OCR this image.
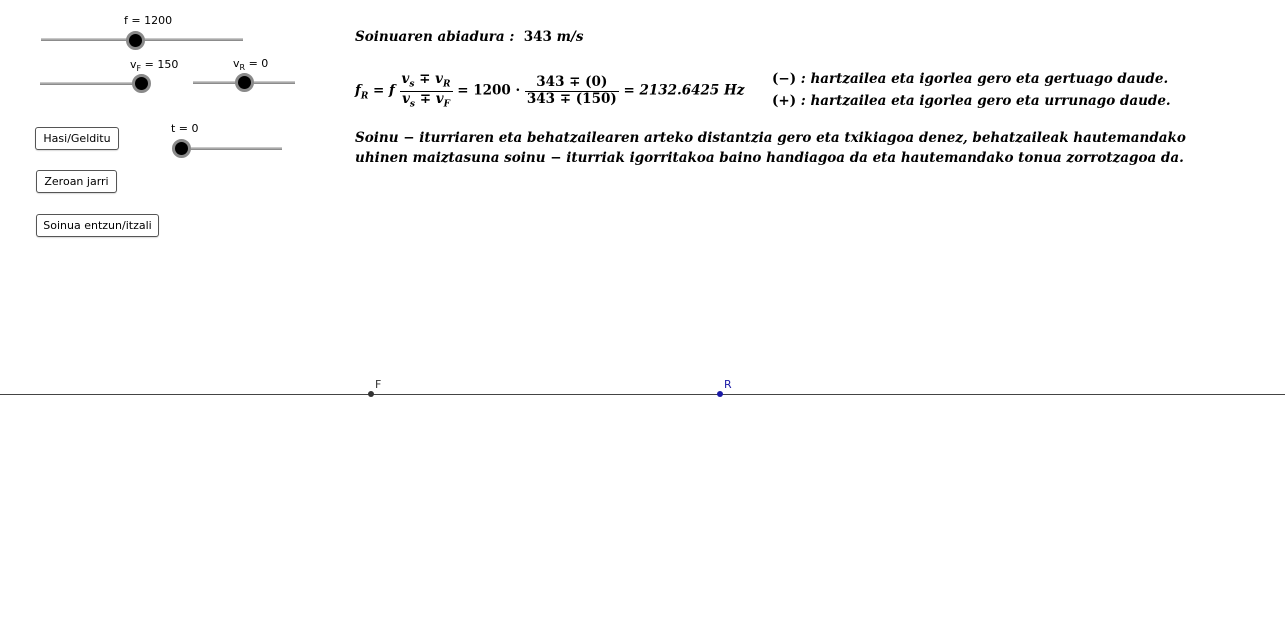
f = 1200
$v_F = 150$	$v_R = 0$
t = 0
Hasi/Gelditu
Zeroan jarri
Soinua entzun/itzali
Soinuaren abiadura : 343 m/s
$f_R = f \frac{v_s \mp v_R}{v_s \mp v_F} = 1200 \cdot \frac{343 \mp (0)}{343 \mp (150)} = 2132.6425$ Hz
(−) : hartzailea eta igorlea gero eta gertuago daude.
(+) : hartzailea eta igorlea gero eta urrunago daude.
Soinu − iturriaren eta behatzailearen arteko distantzia gero eta txikiagoa denez, behatzaileak hautemandako
uhinen maiztasuna soinu − iturriak igorritakoa baino handiagoa da eta hautemandako tonua zorrotzagoa da.
F	R
